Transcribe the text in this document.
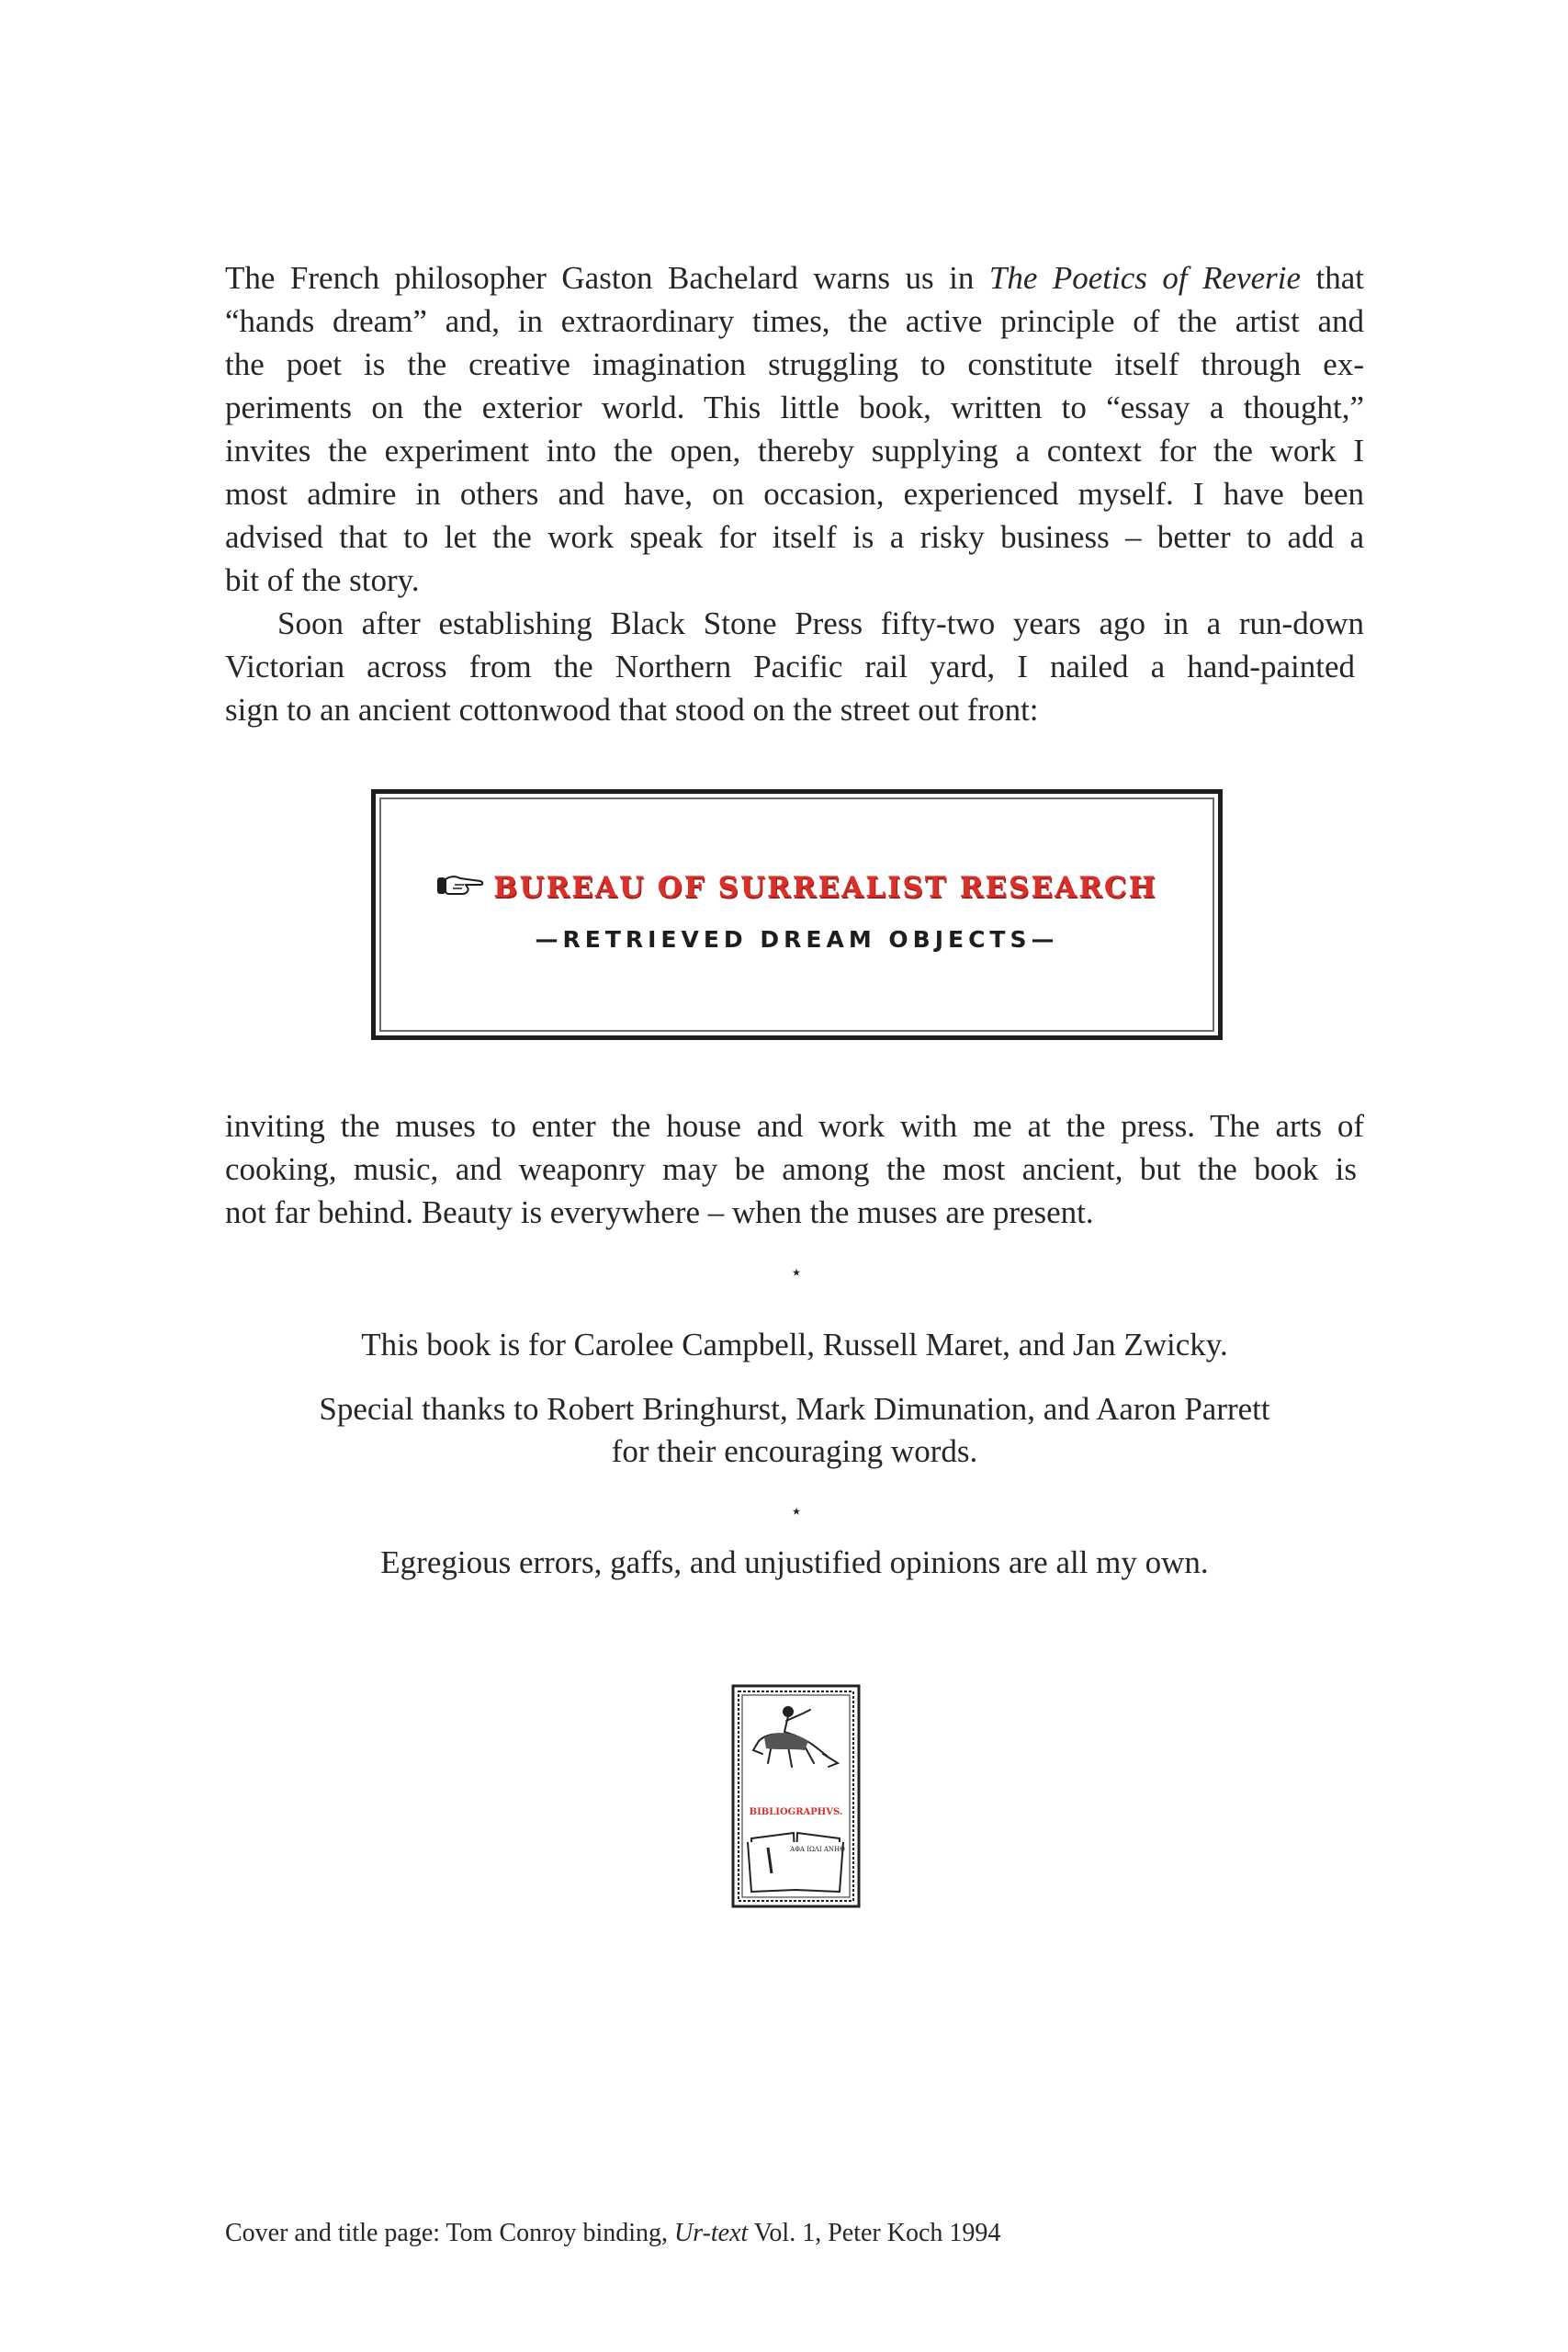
The French philosopher Gaston Bachelard warns us in The Poetics of Reverie that
“hands dream” and, in extraordinary times, the active principle of the artist and
the poet is the creative imagination struggling to constitute itself through ex-
periments on the exterior world. This little book, written to “essay a thought,”
invites the experiment into the open, thereby supplying a context for the work I
most admire in others and have, on occasion, experienced myself. I have been
advised that to let the work speak for itself is a risky business – better to add a
bit of the story.
Soon after establishing Black Stone Press fifty-two years ago in a run-down
Victorian across from the Northern Pacific rail yard, I nailed a hand-painted
sign to an ancient cottonwood that stood on the street out front:
BUREAU OF SURREALIST RESEARCH
—RETRIEVED DREAM OBJECTS—
inviting the muses to enter the house and work with me at the press. The arts of
cooking, music, and weaponry may be among the most ancient, but the book is
not far behind. Beauty is everywhere – when the muses are present.
⋆
This book is for Carolee Campbell, Russell Maret, and Jan Zwicky.
Special thanks to Robert Bringhurst, Mark Dimunation, and Aaron Parrett
for their encouraging words.
⋆
Egregious errors, gaffs, and unjustified opinions are all my own.
BIBLIOGRAPHVS.
ΑΦΑ ΙΩΛΙ ΑΝΗΘ
Cover and title page: Tom Conroy binding, Ur-text Vol. 1, Peter Koch 1994
